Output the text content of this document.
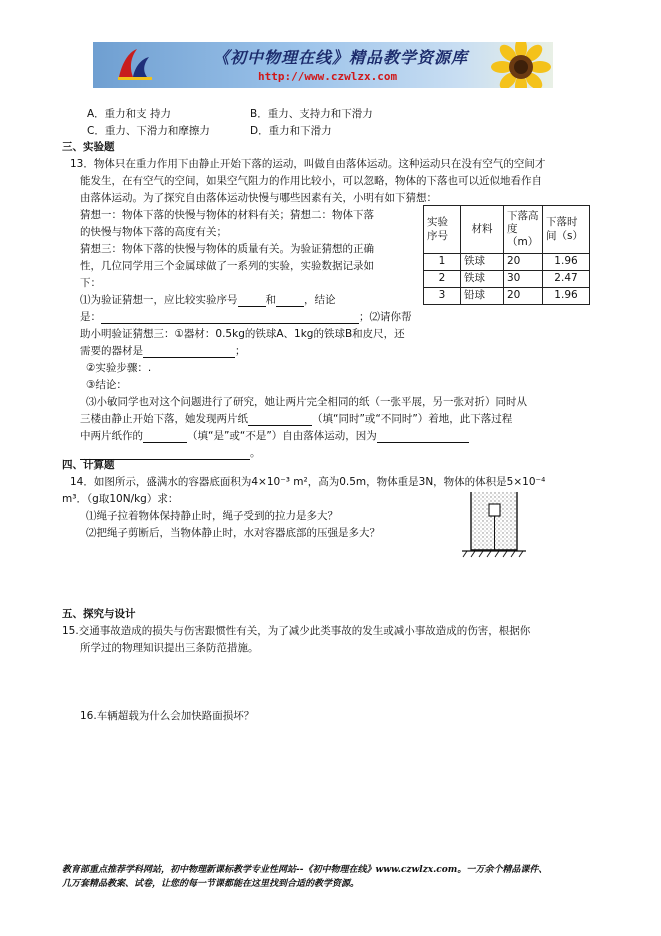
《初中物理在线》精品教学资源库
http://www.czwlzx.com
A．重力和支 持力	B．重力、支持力和下滑力
C．重力、下滑力和摩擦力	D．重力和下滑力
三、实验题
13．物体只在重力作用下由静止开始下落的运动，叫做自由落体运动。这种运动只在没有空气的空间才
能发生，在有空气的空间，如果空气阻力的作用比较小，可以忽略，物体的下落也可以近似地看作自
由落体运动。为了探究自由落体运动快慢与哪些因素有关，小明有如下猜想：
猜想一：物体下落的快慢与物体的材料有关；猜想二：物体下落
的快慢与物体下落的高度有关；
猜想三：物体下落的快慢与物体的质量有关。为验证猜想的正确
性，几位同学用三个金属球做了一系列的实验，实验数据记录如
下：
⑴为验证猜想一，应比较实验序号	和	，结论
是：	；⑵请你帮
助小明验证猜想三：①器材：0.5kg的铁球A、1kg的铁球B和皮尺，还
需要的器材是	；
②实验步骤：.
③结论：
⑶小敏同学也对这个问题进行了研究，她让两片完全相同的纸（一张平展，另一张对折）同时从
三楼由静止开始下落，她发现两片纸	（填“同时”或“不同时”）着地，此下落过程
中两片纸作的	（填“是”或“不是”）自由落体运动，因为
。
实验序号	材料	下落高度（m）	下落时间（s）
1	铁球	20	1.96
2	铁球	30	2.47
3	铅球	20	1.96
四、计算题
14．如图所示，盛满水的容器底面积为4×10⁻³ m²，高为0.5m，物体重是3N，物体的体积是5×10⁻⁴
m³．（g取10N/kg）求：
⑴绳子拉着物体保持静止时，绳子受到的拉力是多大？
⑵把绳子剪断后，当物体静止时，水对容器底部的压强是多大？
五、探究与设计
15.交通事故造成的损失与伤害跟惯性有关，为了减少此类事故的发生或减小事故造成的伤害，根据你
所学过的物理知识提出三条防范措施。
16.车辆超载为什么会加快路面损坏？
教育部重点推荐学科网站，初中物理新课标教学专业性网站--《初中物理在线》www.czwlzx.com。一万余个精品课件、
几万套精品教案、试卷，让您的每一节课都能在这里找到合适的教学资源。
